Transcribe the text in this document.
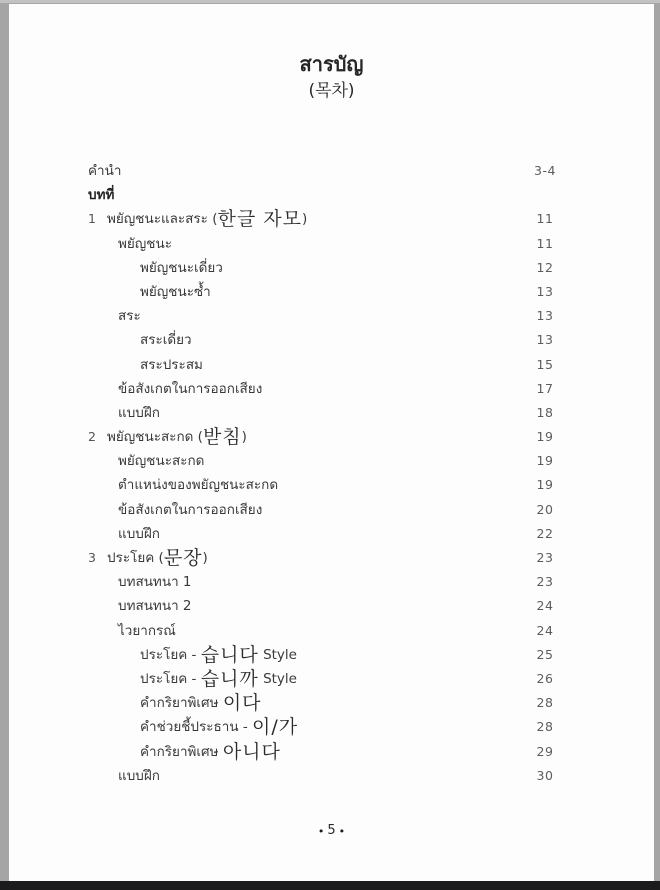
สารบัญ
(목차)
คำนำ	3-4
บทที่
1 พยัญชนะและสระ (한글 자모)	11
พยัญชนะ	11
พยัญชนะเดี่ยว	12
พยัญชนะซ้ำ	13
สระ	13
สระเดี่ยว	13
สระประสม	15
ข้อสังเกตในการออกเสียง	17
แบบฝึก	18
2 พยัญชนะสะกด (받침)	19
พยัญชนะสะกด	19
ตำแหน่งของพยัญชนะสะกด	19
ข้อสังเกตในการออกเสียง	20
แบบฝึก	22
3 ประโยค (문장)	23
บทสนทนา 1	23
บทสนทนา 2	24
ไวยากรณ์	24
ประโยค - 습니다 Style	25
ประโยค - 습니까 Style	26
คำกริยาพิเศษ 이다	28
คำช่วยชี้ประธาน - 이/가	28
คำกริยาพิเศษ 아니다	29
แบบฝึก	30
• 5 •
